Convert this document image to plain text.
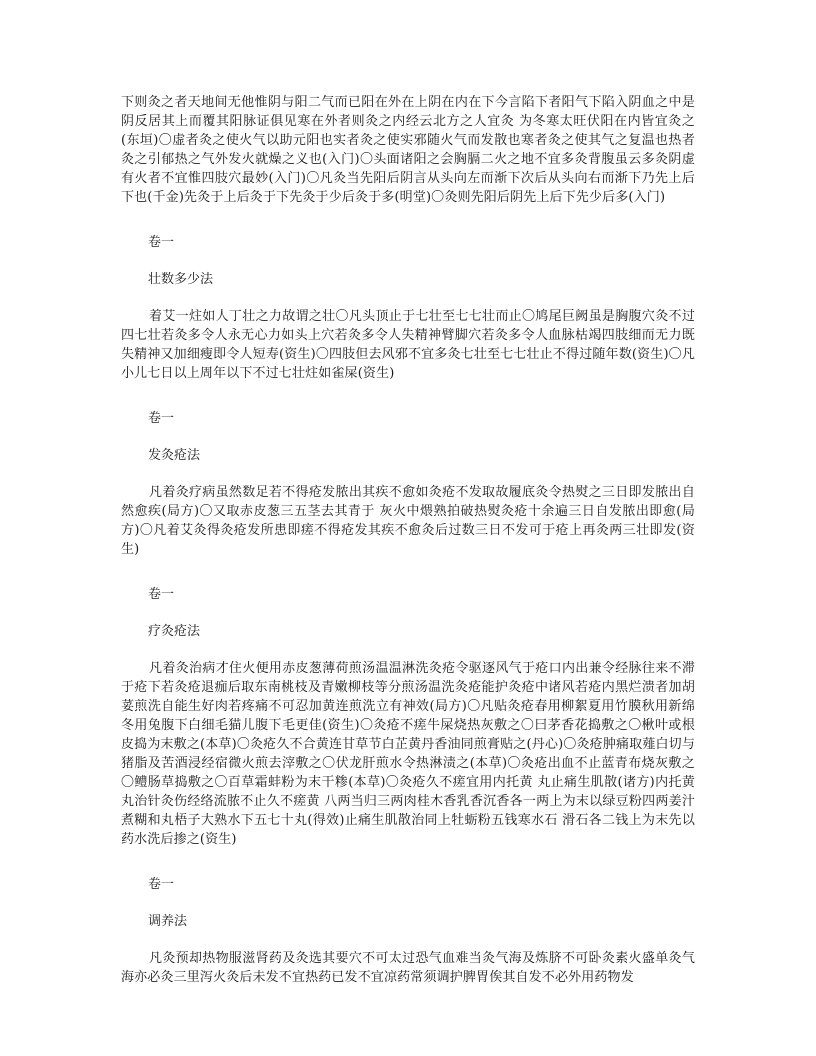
下则灸之者天地间无他惟阴与阳二气而已阳在外在上阴在内在下今言陷下者阳气下陷入阴血之中是阴反居其上而覆其阳脉证俱见寒在外者则灸之内经云北方之人宜灸 为冬寒太旺伏阳在内皆宜灸之(东垣)〇虚者灸之使火气以助元阳也实者灸之使实邪随火气而发散也寒者灸之使其气之复温也热者灸之引郁热之气外发火就燥之义也(入门)〇头面诸阳之会胸膈二火之地不宜多灸背腹虽云多灸阴虚有火者不宜惟四肢穴最妙(入门)〇凡灸当先阳后阴言从头向左而渐下次后从头向右而渐下乃先上后下也(千金)先灸于上后灸于下先灸于少后灸于多(明堂)〇灸则先阳后阴先上后下先少后多(入门)

卷一

壮数多少法

着艾一炷如人丁壮之力故谓之壮〇凡头顶止于七壮至七七壮而止〇鸠尾巨阙虽是胸腹穴灸不过四七壮若灸多令人永无心力如头上穴若灸多令人失精神臂脚穴若灸多令人血脉枯竭四肢细而无力既失精神又加细瘦即令人短寿(资生)〇四肢但去风邪不宜多灸七壮至七七壮止不得过随年数(资生)〇凡小儿七日以上周年以下不过七壮炷如雀屎(资生)

卷一

发灸疮法

凡着灸疗病虽然数足若不得疮发脓出其疾不愈如灸疮不发取故履底灸令热熨之三日即发脓出自然愈疾(局方)〇又取赤皮葱三五茎去其青于 灰火中煨熟拍破热熨灸疮十余遍三日自发脓出即愈(局方)〇凡着艾灸得灸疮发所患即瘥不得疮发其疾不愈灸后过数三日不发可于疮上再灸两三壮即发(资生)

卷一

疗灸疮法

凡着灸治病才住火便用赤皮葱薄荷煎汤温温淋洗灸疮令驱逐风气于疮口内出兼令经脉往来不滞于疮下若灸疮退痂后取东南桃枝及青嫩柳枝等分煎汤温洗灸疮能护灸疮中诸风若疮内黑烂溃者加胡荽煎洗自能生好肉若疼痛不可忍加黄连煎洗立有神效(局方)〇凡贴灸疮春用柳絮夏用竹膜秋用新绵冬用兔腹下白细毛猫儿腹下毛更佳(资生)〇灸疮不瘥牛屎烧热灰敷之〇曰茅香花捣敷之〇楸叶或根皮捣为末敷之(本草)〇灸疮久不合黄连甘草节白芷黄丹香油同煎膏贴之(丹心)〇灸疮肿痛取薤白切与猪脂及苦酒浸经宿微火煎去滓敷之〇伏龙肝煎水令热淋渍之(本草)〇灸疮出血不止蓝青布烧灰敷之〇鳢肠草捣敷之〇百草霜蚌粉为末干糁(本草)〇灸疮久不瘥宜用内托黄 丸止痛生肌散(诸方)内托黄 丸治针灸伤经络流脓不止久不瘥黄 八两当归三两肉桂木香乳香沉香各一两上为末以绿豆粉四两姜汁煮糊和丸梧子大熟水下五七十丸(得效)止痛生肌散治同上牡蛎粉五钱寒水石 滑石各二钱上为末先以药水洗后掺之(资生)

卷一

调养法

凡灸预却热物服滋肾药及灸选其要穴不可太过恐气血难当灸气海及炼脐不可卧灸素火盛单灸气海亦必灸三里泻火灸后未发不宜热药已发不宜凉药常须调护脾胃俟其自发不必外用药物发
